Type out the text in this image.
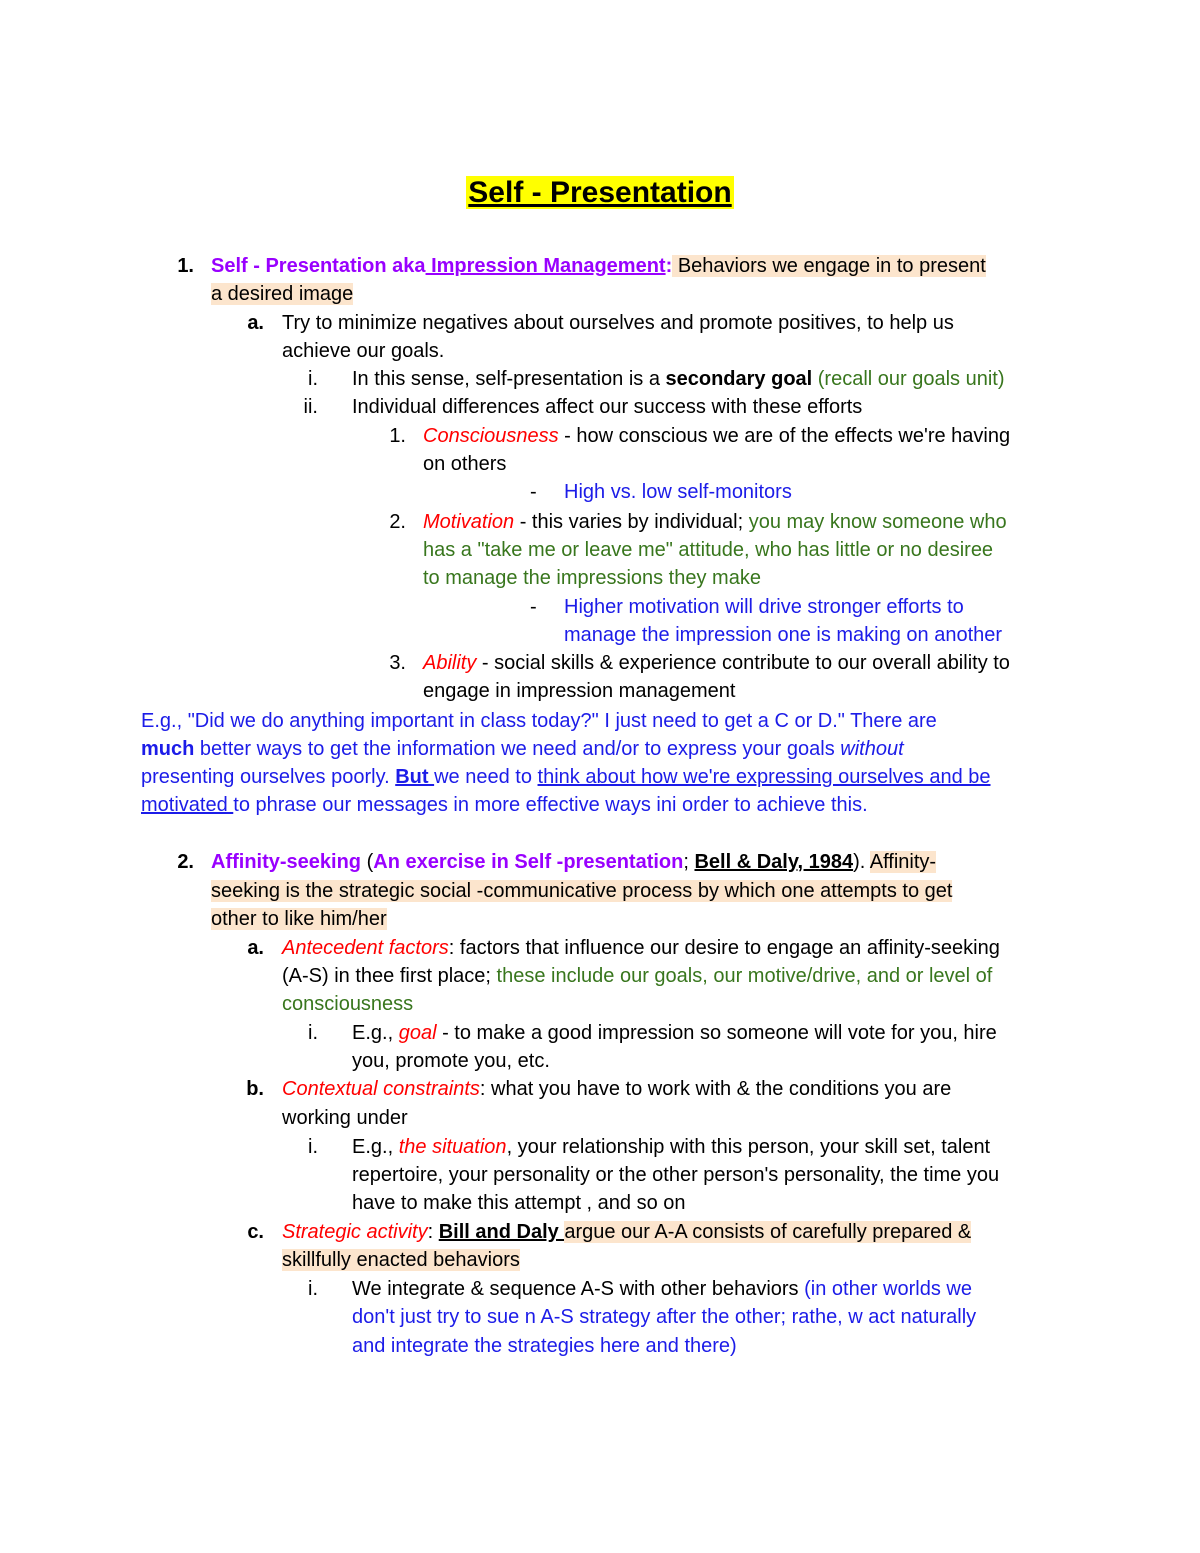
Self - Presentation
1. Self - Presentation aka Impression Management: Behaviors we engage in to present
a desired image
a. Try to minimize negatives about ourselves and promote positives, to help us
achieve our goals.
i. In this sense, self-presentation is a secondary goal (recall our goals unit)
ii. Individual differences affect our success with these efforts
1. Consciousness - how conscious we are of the effects we're having
on others
- High vs. low self-monitors
2. Motivation - this varies by individual; you may know someone who
has a "take me or leave me" attitude, who has little or no desiree
to manage the impressions they make
- Higher motivation will drive stronger efforts to
manage the impression one is making on another
3. Ability - social skills & experience contribute to our overall ability to
engage in impression management
E.g., "Did we do anything important in class today?" I just need to get a C or D." There are
much better ways to get the information we need and/or to express your goals without
presenting ourselves poorly. But we need to think about how we're expressing ourselves and be
motivated to phrase our messages in more effective ways ini order to achieve this.
2. Affinity-seeking (An exercise in Self -presentation; Bell & Daly, 1984). Affinity-
seeking is the strategic social -communicative process by which one attempts to get
other to like him/her
a. Antecedent factors: factors that influence our desire to engage an affinity-seeking
(A-S) in thee first place; these include our goals, our motive/drive, and or level of
consciousness
i. E.g., goal - to make a good impression so someone will vote for you, hire
you, promote you, etc.
b. Contextual constraints: what you have to work with & the conditions you are
working under
i. E.g., the situation, your relationship with this person, your skill set, talent
repertoire, your personality or the other person's personality, the time you
have to make this attempt , and so on
c. Strategic activity: Bill and Daly argue our A-A consists of carefully prepared &
skillfully enacted behaviors
i. We integrate & sequence A-S with other behaviors (in other worlds we
don't just try to sue n A-S strategy after the other; rathe, w act naturally
and integrate the strategies here and there)
